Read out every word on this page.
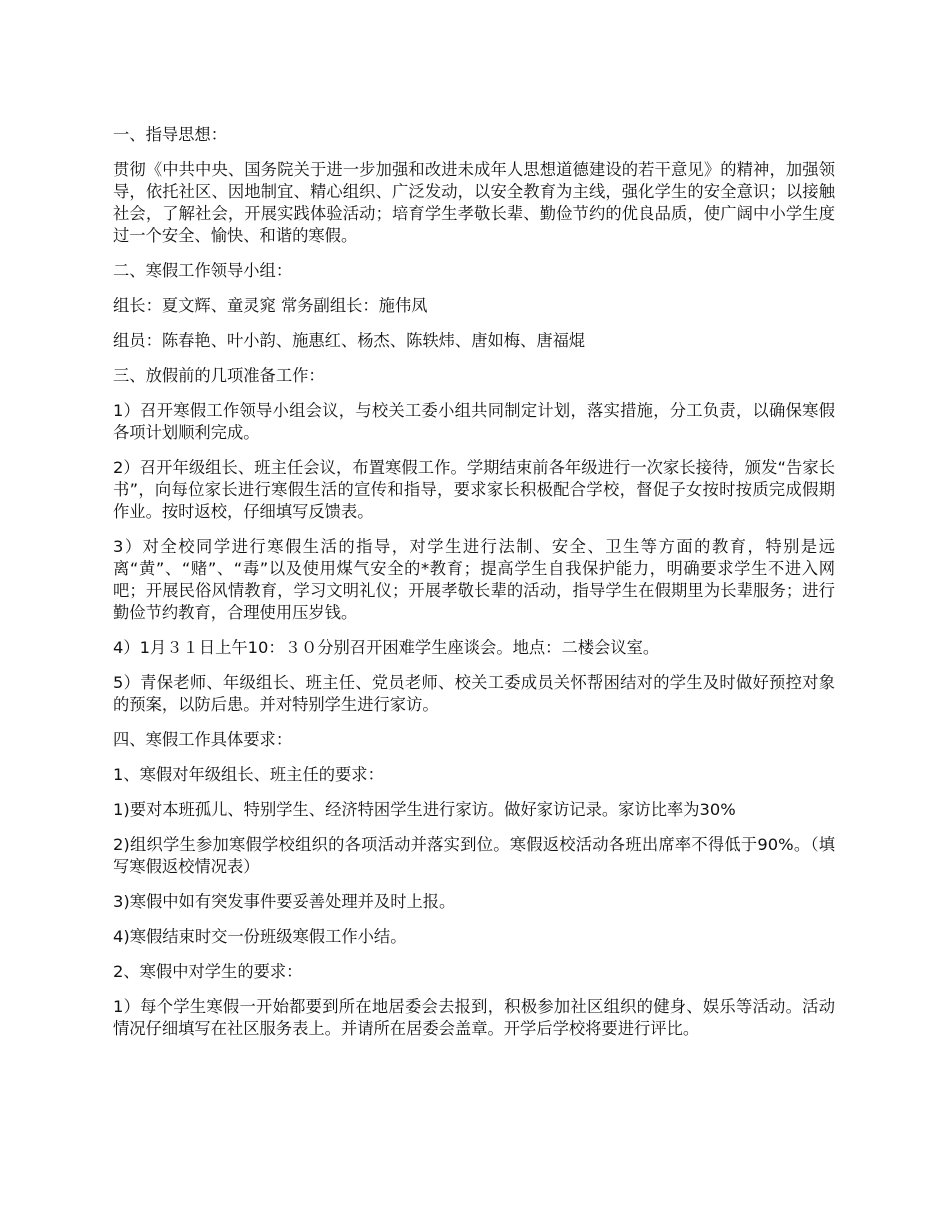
一、指导思想：

贯彻《中共中央、国务院关于进一步加强和改进未成年人思想道德建设的若干意见》的精神，加强领导，依托社区、因地制宜、精心组织、广泛发动，以安全教育为主线，强化学生的安全意识；以接触社会，了解社会，开展实践体验活动；培育学生孝敬长辈、勤俭节约的优良品质，使广阔中小学生度过一个安全、愉快、和谐的寒假。

二、寒假工作领导小组：

组长：夏文辉、童灵窕 常务副组长：施伟凤

组员：陈春艳、叶小韵、施惠红、杨杰、陈轶炜、唐如梅、唐福焜

三、放假前的几项准备工作：

1）召开寒假工作领导小组会议，与校关工委小组共同制定计划，落实措施，分工负责，以确保寒假各项计划顺利完成。

2）召开年级组长、班主任会议，布置寒假工作。学期结束前各年级进行一次家长接待，颁发“告家长书”，向每位家长进行寒假生活的宣传和指导，要求家长积极配合学校，督促子女按时按质完成假期作业。按时返校，仔细填写反馈表。

3）对全校同学进行寒假生活的指导，对学生进行法制、安全、卫生等方面的教育，特别是远离“黄”、“赌”、“毒”以及使用煤气安全的*教育；提高学生自我保护能力，明确要求学生不进入网吧；开展民俗风情教育，学习文明礼仪；开展孝敬长辈的活动，指导学生在假期里为长辈服务；进行勤俭节约教育，合理使用压岁钱。

4）1月３１日上午10：３０分别召开困难学生座谈会。地点：二楼会议室。

5）青保老师、年级组长、班主任、党员老师、校关工委成员关怀帮困结对的学生及时做好预控对象的预案，以防后患。并对特别学生进行家访。

四、寒假工作具体要求：

1、寒假对年级组长、班主任的要求：

1)要对本班孤儿、特别学生、经济特困学生进行家访。做好家访记录。家访比率为30%

2)组织学生参加寒假学校组织的各项活动并落实到位。寒假返校活动各班出席率不得低于90%。（填写寒假返校情况表）

3)寒假中如有突发事件要妥善处理并及时上报。

4)寒假结束时交一份班级寒假工作小结。

2、寒假中对学生的要求：

1）每个学生寒假一开始都要到所在地居委会去报到，积极参加社区组织的健身、娱乐等活动。活动情况仔细填写在社区服务表上。并请所在居委会盖章。开学后学校将要进行评比。
